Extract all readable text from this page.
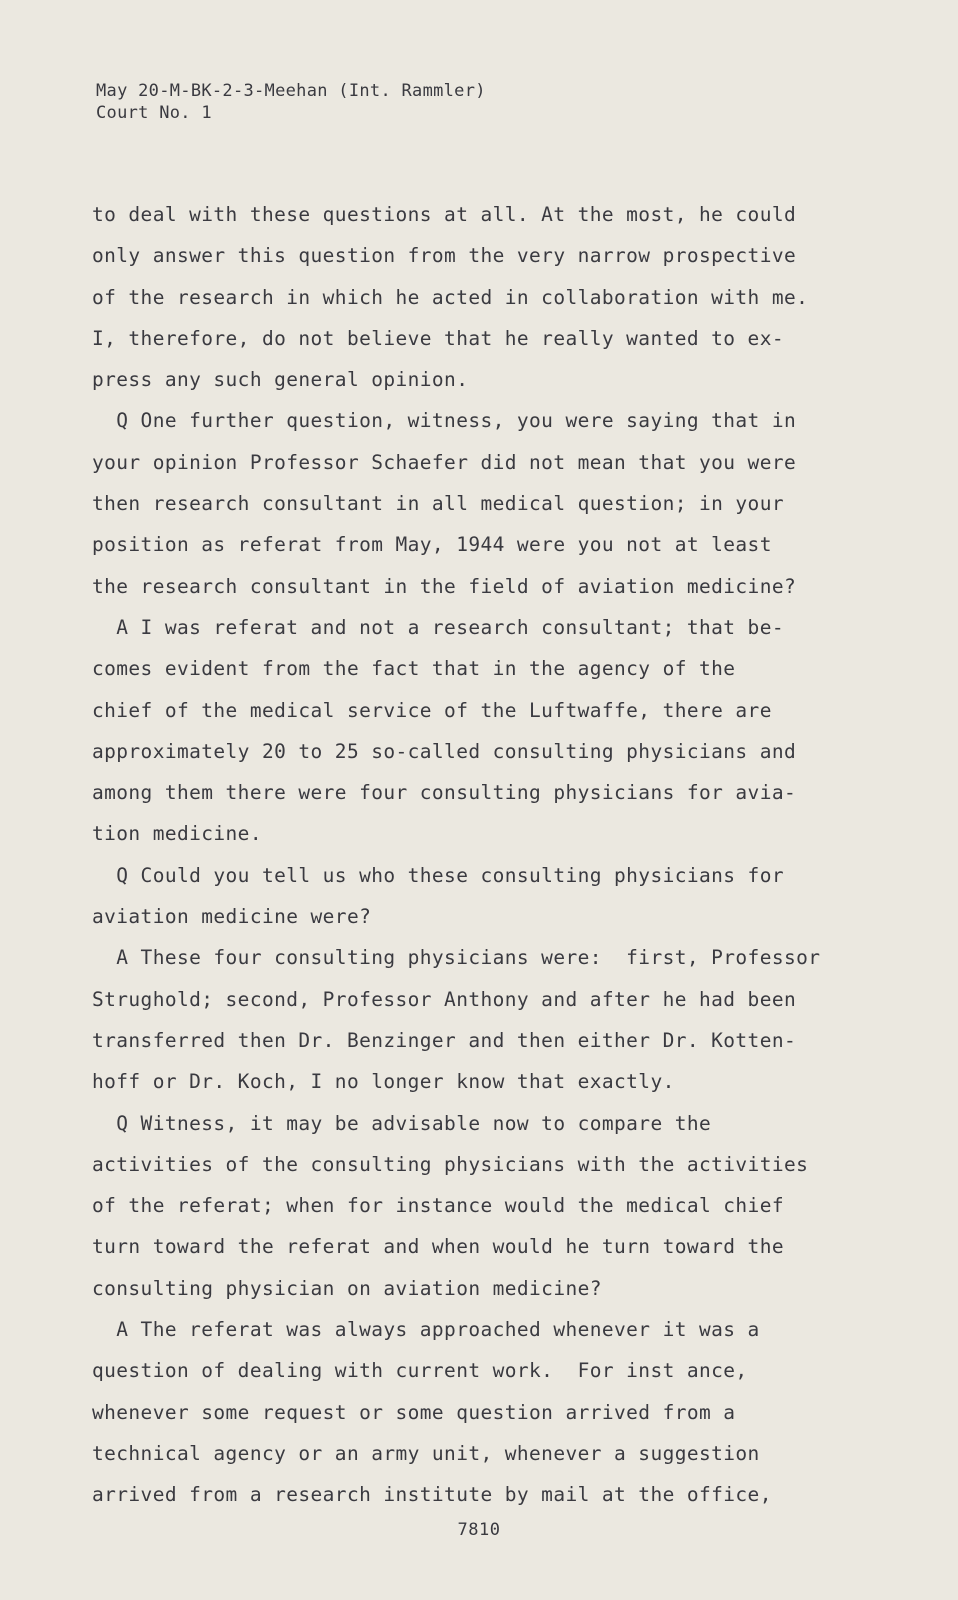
May 20-M-BK-2-3-Meehan (Int. Rammler)
Court No. 1
to deal with these questions at all. At the most, he could
only answer this question from the very narrow prospective
of the research in which he acted in collaboration with me.
I, therefore, do not believe that he really wanted to ex-
press any such general opinion.
Q One further question, witness, you were saying that in
your opinion Professor Schaefer did not mean that you were
then research consultant in all medical question; in your
position as referat from May, 1944 were you not at least
the research consultant in the field of aviation medicine?
A I was referat and not a research consultant; that be-
comes evident from the fact that in the agency of the
chief of the medical service of the Luftwaffe, there are
approximately 20 to 25 so-called consulting physicians and
among them there were four consulting physicians for avia-
tion medicine.
Q Could you tell us who these consulting physicians for
aviation medicine were?
A These four consulting physicians were:  first, Professor
Strughold; second, Professor Anthony and after he had been
transferred then Dr. Benzinger and then either Dr. Kotten-
hoff or Dr. Koch, I no longer know that exactly.
Q Witness, it may be advisable now to compare the
activities of the consulting physicians with the activities
of the referat; when for instance would the medical chief
turn toward the referat and when would he turn toward the
consulting physician on aviation medicine?
A The referat was always approached whenever it was a
question of dealing with current work.  For inst ance,
whenever some request or some question arrived from a
technical agency or an army unit, whenever a suggestion
arrived from a research institute by mail at the office,
7810
